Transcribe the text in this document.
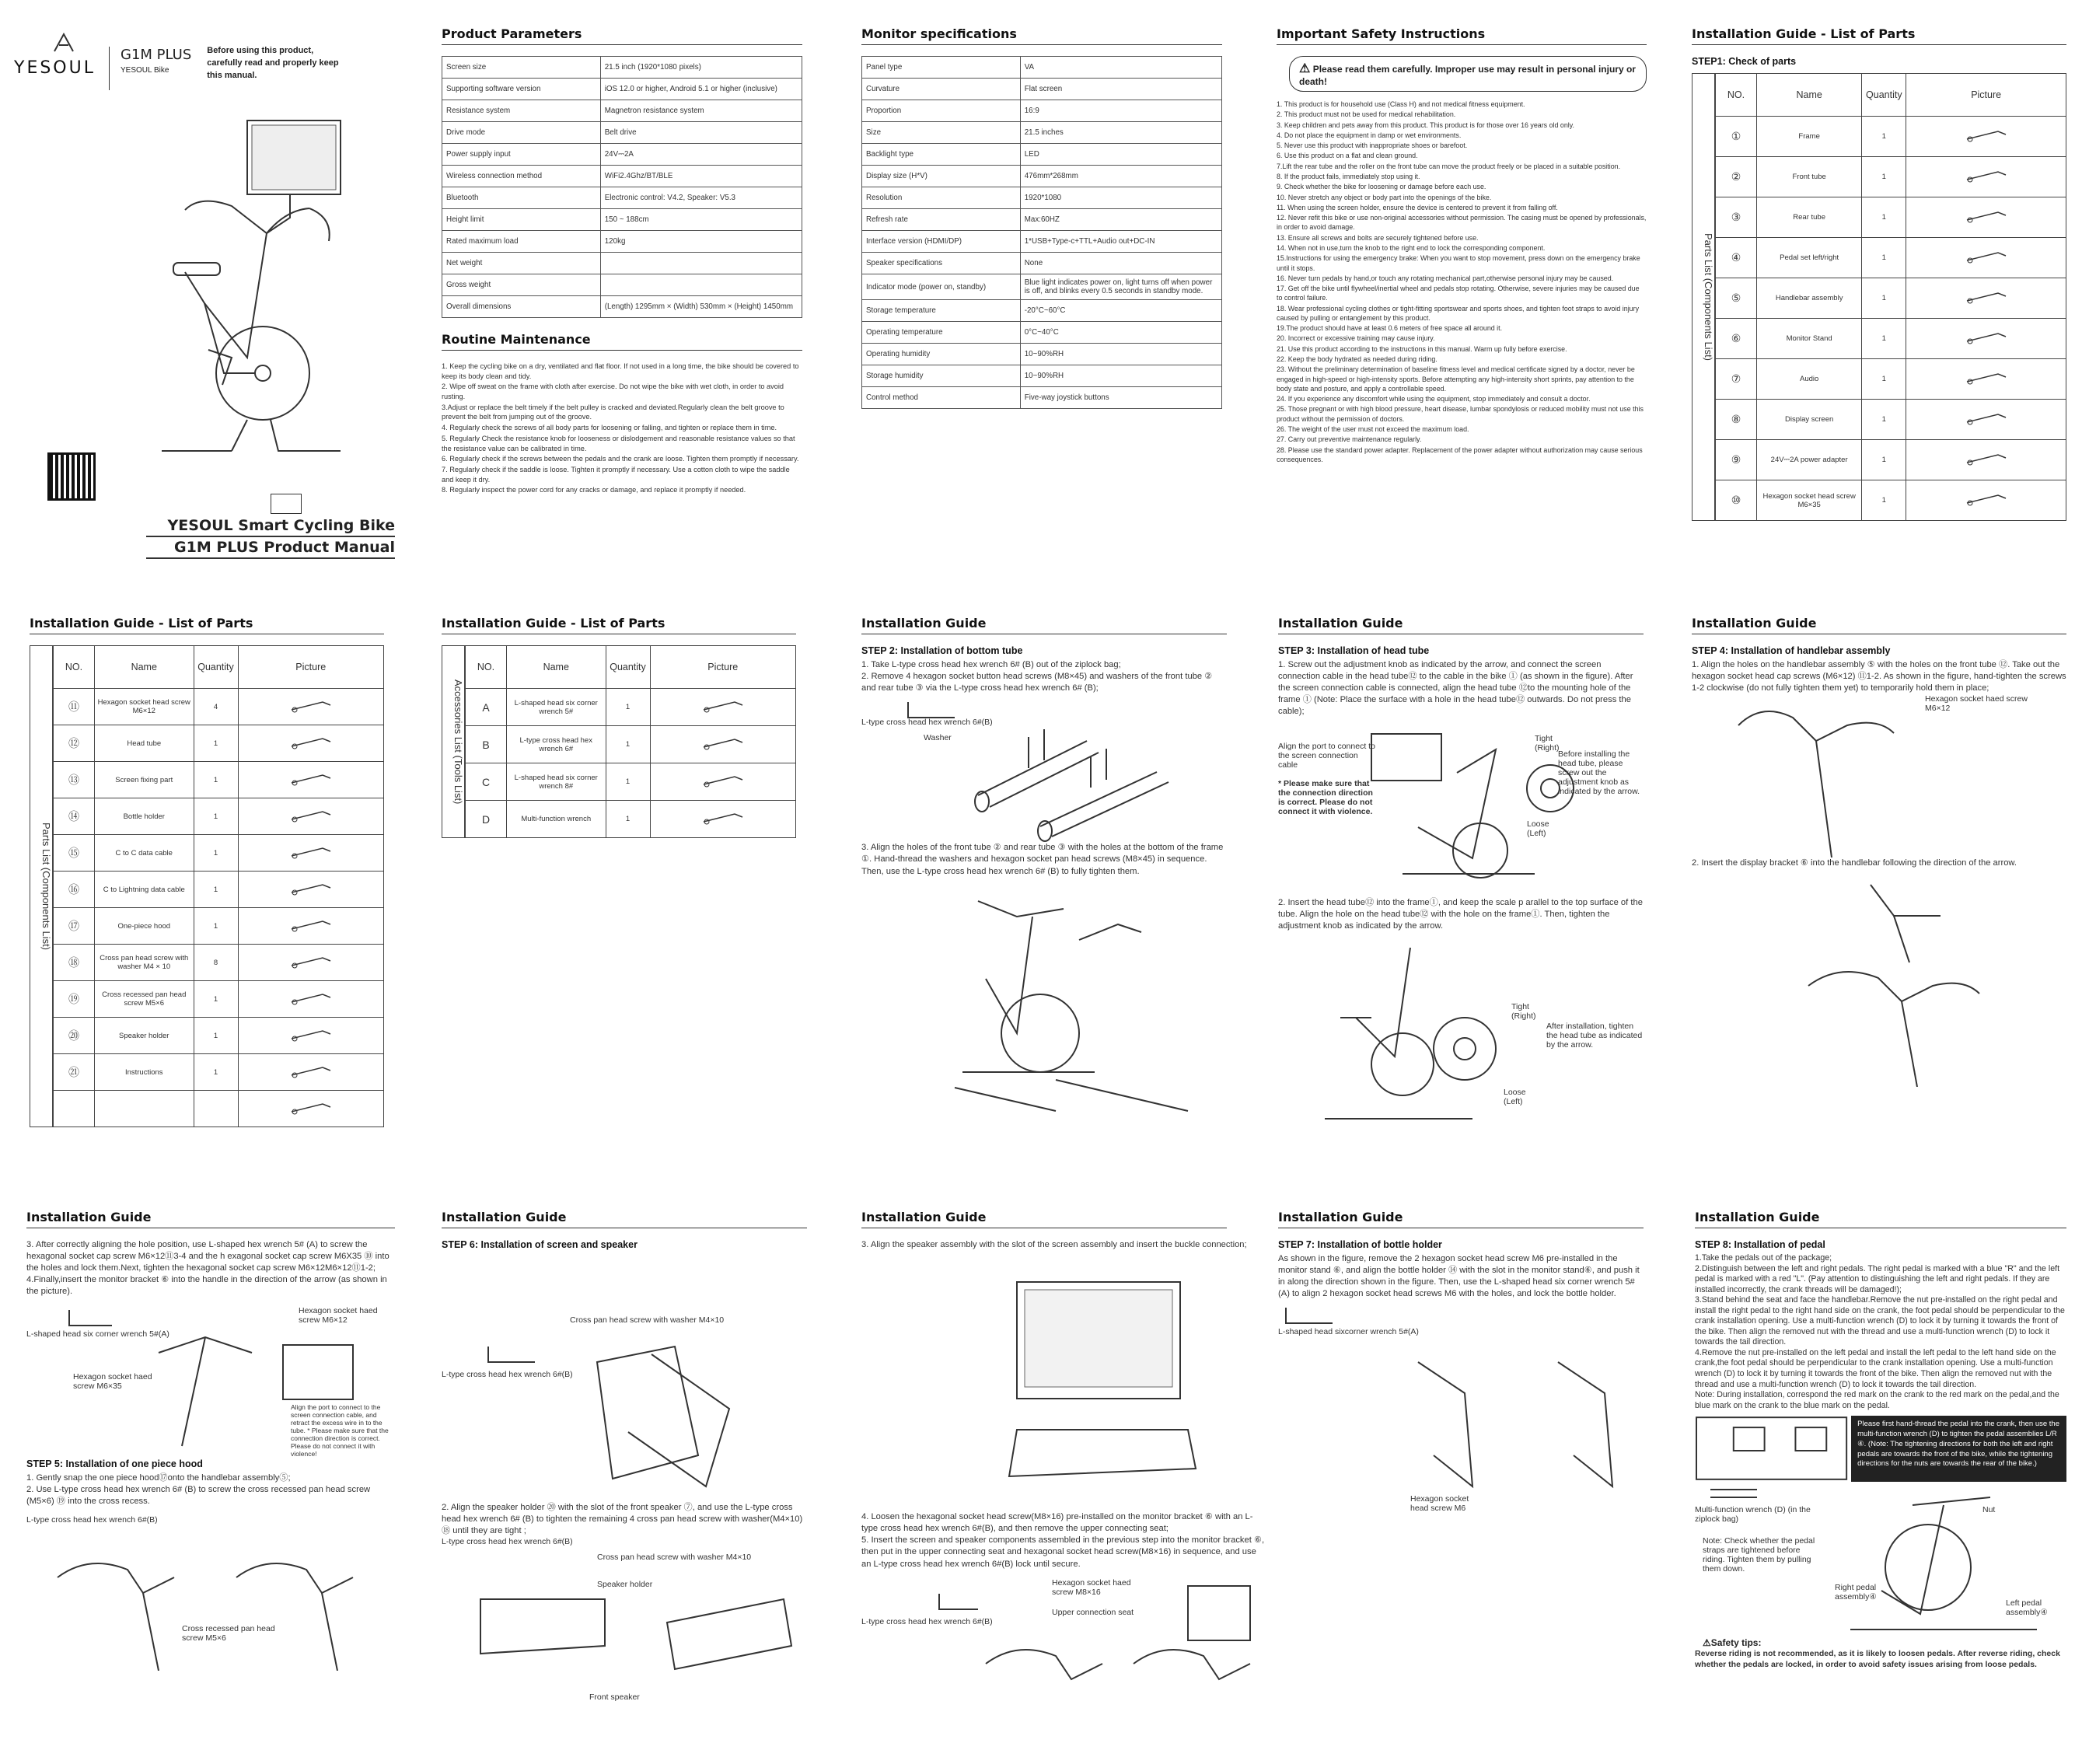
YESOUL
G1M PLUS
YESOUL Bike
Before using this product, carefully read and properly keep this manual.
YESOUL Smart Cycling Bike
G1M PLUS Product Manual
Product Parameters
Screen size	21.5 inch (1920*1080 pixels)
Supporting software version	iOS 12.0 or higher, Android 5.1 or higher (inclusive)
Resistance system	Magnetron resistance system
Drive mode	Belt drive
Power supply input	24V⎓2A
Wireless connection method	WiFi2.4Ghz/BT/BLE
Bluetooth	Electronic control: V4.2, Speaker: V5.3
Height limit	150 ~ 188cm
Rated maximum load	120kg
Net weight	
Gross weight	
Overall dimensions	(Length) 1295mm × (Width) 530mm × (Height) 1450mm
Routine Maintenance

1. Keep the cycling bike on a dry, ventilated and flat floor. If not used in a long time, the bike should be covered to keep its body clean and tidy.

2. Wipe off sweat on the frame with cloth after exercise. Do not wipe the bike with wet cloth, in order to avoid rusting.

3.Adjust or replace the belt timely if the belt pulley is cracked and deviated.Regularly clean the belt groove to prevent the belt from jumping out of the groove.

4. Regularly check the screws of all body parts for loosening or falling, and tighten or replace them in time.

5. Regularly Check the resistance knob for looseness or dislodgement and reasonable resistance values so that the resistance value can be calibrated in time.

6. Regularly check if the screws between the pedals and the crank are loose. Tighten them promptly if necessary.

7. Regularly check if the saddle is loose. Tighten it promptly if necessary. Use a cotton cloth to wipe the saddle and keep it dry.

8. Regularly inspect the power cord for any cracks or damage, and replace it promptly if needed.

Monitor specifications
Panel type	VA
Curvature	Flat screen
Proportion	16:9
Size	21.5 inches
Backlight type	LED
Display size (H*V)	476mm*268mm
Resolution	1920*1080
Refresh rate	Max:60HZ
Interface version (HDMI/DP)	1*USB+Type-c+TTL+Audio out+DC-IN
Speaker specifications	None
Indicator mode (power on, standby)	Blue light indicates power on, light turns off when power is off, and blinks every 0.5 seconds in standby mode.
Storage temperature	-20°C~60°C
Operating temperature	0°C~40°C
Operating humidity	10~90%RH
Storage humidity	10~90%RH
Control method	Five-way joystick buttons
Important Safety Instructions
⚠ Please read them carefully. Improper use may result in personal injury or death!

1. This product is for household use (Class H) and not medical fitness equipment.

2. This product must not be used for medical rehabilitation.

3. Keep children and pets away from this product. This product is for those over 16 years old only.

4. Do not place the equipment in damp or wet environments.

5. Never use this product with inappropriate shoes or barefoot.

6. Use this product on a flat and clean ground.

7.Lift the rear tube and the roller on the front tube can move the product freely or be placed in a suitable position.

8. If the product fails, immediately stop using it.

9. Check whether the bike for loosening or damage before each use.

10. Never stretch any object or body part into the openings of the bike.

11. When using the screen holder, ensure the device is centered to prevent it from falling off.

12. Never refit this bike or use non-original accessories without permission. The casing must be opened by professionals, in order to avoid damage.

13. Ensure all screws and bolts are securely tightened before use.

14. When not in use,turn the knob to the right end to lock the corresponding component.

15.Instructions for using the emergency brake: When you want to stop movement, press down on the emergency brake until it stops.

16. Never turn pedals by hand,or touch any rotating mechanical part,otherwise personal injury may be caused.

17. Get off the bike until flywheel/inertial wheel and pedals stop rotating. Otherwise, severe injuries may be caused due to control failure.

18. Wear professional cycling clothes or tight-fitting sportswear and sports shoes, and tighten foot straps to avoid injury caused by pulling or entanglement by this product.

19.The product should have at least 0.6 meters of free space all around it.

20. Incorrect or excessive training may cause injury.

21. Use this product according to the instructions in this manual. Warm up fully before exercise.

22. Keep the body hydrated as needed during riding.

23. Without the preliminary determination of baseline fitness level and medical certificate signed by a doctor, never be engaged in high-speed or high-intensity sports. Before attempting any high-intensity short sprints, pay attention to the body state and posture, and apply a controllable speed.

24. If you experience any discomfort while using the equipment, stop immediately and consult a doctor.

25. Those pregnant or with high blood pressure, heart disease, lumbar spondylosis or reduced mobility must not use this product without the permission of doctors.

26. The weight of the user must not exceed the maximum load.

27. Carry out preventive maintenance regularly.

28. Please use the standard power adapter. Replacement of the power adapter without authorization may cause serious consequences.

Installation Guide - List of Parts
STEP1: Check of parts
Parts List (Components List)
NO.	Name	Quantity	Picture
①	Frame	1	
②	Front tube	1	
③	Rear tube	1	
④	Pedal set left/right	1	
⑤	Handlebar assembly	1	
⑥	Monitor Stand	1	
⑦	Audio	1	
⑧	Display screen	1	
⑨	24V⎓2A power adapter	1	
⑩	Hexagon socket head screw M6×35	1	
Installation Guide - List of Parts
Parts List (Components List)
NO.	Name	Quantity	Picture
⑪	Hexagon socket head screw M6×12	4	
⑫	Head tube	1	
⑬	Screen fixing part	1	
⑭	Bottle holder	1	
⑮	C to C data cable	1	
⑯	C to Lightning data cable	1	
⑰	One-piece hood	1	
⑱	Cross pan head screw with washer M4 × 10	8	
⑲	Cross recessed pan head screw M5×6	1	
⑳	Speaker holder	1	
㉑	Instructions	1	

Installation Guide - List of Parts
Accessories List (Tools List)
NO.	Name	Quantity	Picture
A	L-shaped head six corner wrench 5#	1	
B	L-type cross head hex wrench 6#	1	
C	L-shaped head six corner wrench 8#	1	
D	Multi-function wrench	1	
Installation Guide
STEP 2: Installation of bottom tube
1. Take L-type cross head hex wrench 6# (B) out of the ziplock bag;
2. Remove 4 hexagon socket button head screws (M8×45) and washers of the front tube ② and rear tube ③ via the L-type cross head hex wrench 6# (B);
L-type cross head hex wrench 6#(B)
Washer
3. Align the holes of the front tube ② and rear tube ③ with the holes at the bottom of the frame ①. Hand-thread the washers and hexagon socket pan head screws (M8×45) in sequence. Then, use the L-type cross head hex wrench 6# (B) to fully tighten them.
Installation Guide
STEP 3: Installation of head tube
1. Screw out the adjustment knob as indicated by the arrow, and connect the screen connection cable in the head tube⑫ to the cable in the bike ① (as shown in the figure). After the screen connection cable is connected, align the head tube ⑫to the mounting hole of the frame ① (Note: Place the surface with a hole in the head tube⑫ outwards. Do not press the cable);
Align the port to connect to the screen connection cable
* Please make sure that the connection direction is correct. Please do not connect it with violence.
Tight (Right)
Loose (Left)
Before installing the head tube, please screw out the adjustment knob as indicated by the arrow.
2. Insert the head tube⑫ into the frame①, and keep the scale p arallel to the top surface of the tube. Align the hole on the head tube⑫ with the hole on the frame①. Then, tighten the adjustment knob as indicated by the arrow.
Tight (Right)
Loose (Left)
After installation, tighten the head tube as indicated by the arrow.
Installation Guide
STEP 4: Installation of handlebar assembly
1. Align the holes on the handlebar assembly ⑤ with the holes on the front tube ⑫. Take out the hexagon socket head cap screws (M6×12) ⑪1-2. As shown in the figure, hand-tighten the screws 1-2 clockwise (do not fully tighten them yet) to temporarily hold them in place;
Hexagon socket haed screw M6×12
2. Insert the display bracket ⑥ into the handlebar following the direction of the arrow.
Installation Guide
3. After correctly aligning the hole position, use L-shaped hex wrench 5# (A) to screw the hexagonal socket cap screw M6×12⑪3-4 and the h exagonal socket cap screw M6X35 ⑩ into the holes and lock them.Next, tighten the hexagonal socket cap screw M6×12M6×12⑪1-2;
4.Finally,insert the monitor bracket ⑥ into the handle in the direction of the arrow (as shown in the picture).
L-shaped head six corner wrench 5#(A)
Hexagon socket haed screw M6×12
Hexagon socket haed screw M6×35
Align the port to connect to the screen connection cable, and retract the excess wire in to the tube. * Please make sure that the connection direction is correct. Please do not connect it with violence!
STEP 5: Installation of one piece hood
1. Gently snap the one piece hood⑰onto the handlebar assembly⑤;
2. Use L-type cross head hex wrench 6# (B) to screw the cross recessed pan head screw (M5×6) ⑲ into the cross recess.
L-type cross head hex wrench 6#(B)
Cross recessed pan head screw M5×6
Installation Guide
STEP 6: Installation of screen and speaker
Cross pan head screw with washer M4×10
L-type cross head hex wrench 6#(B)
2. Align the speaker holder ⑳ with the slot of the front speaker ⑦, and use the L-type cross head hex wrench 6# (B) to tighten the remaining 4 cross pan head screw with washer(M4×10) ⑱ until they are tight ;
L-type cross head hex wrench 6#(B)
Cross pan head screw with washer M4×10
Speaker holder
Front speaker
Installation Guide
3. Align the speaker assembly with the slot of the screen assembly and insert the buckle connection;
4. Loosen the hexagonal socket head screw(M8×16) pre-installed on the monitor bracket ⑥ with an L-type cross head hex wrench 6#(B), and then remove the upper connecting seat;
5. Insert the screen and speaker components assembled in the previous step into the monitor bracket ⑥, then put in the upper connecting seat and hexagonal socket head screw(M8×16) in sequence, and use an L-type cross head hex wrench 6#(B) lock until secure.
L-type cross head hex wrench 6#(B)
Hexagon socket haed screw M8×16
Upper connection seat
Installation Guide
STEP 7: Installation of bottle holder
As shown in the figure, remove the 2 hexagon socket head screw M6 pre-installed in the monitor stand ⑥, and align the bottle holder ⑭ with the slot in the monitor stand⑥, and push it in along the direction shown in the figure. Then, use the L-shaped head six corner wrench 5# (A) to align 2 hexagon socket head screws M6 with the holes, and lock the bottle holder.
L-shaped head sixcorner wrench 5#(A)
Hexagon socket head screw M6
Installation Guide
STEP 8: Installation of pedal
1.Take the pedals out of the package;
2.Distinguish between the left and right pedals. The right pedal is marked with a blue "R" and the left pedal is marked with a red "L". (Pay attention to distinguishing the left and right pedals. If they are installed incorrectly, the crank threads will be damaged!);
3.Stand behind the seat and face the handlebar.Remove the nut pre-installed on the right pedal and install the right pedal to the right hand side on the crank, the foot pedal should be perpendicular to the crank installation opening. Use a multi-function wrench (D) to lock it by turning it towards the front of the bike. Then align the removed nut with the thread and use a multi-function wrench (D) to lock it towards the tail direction.
4.Remove the nut pre-installed on the left pedal and install the left pedal to the left hand side on the crank,the foot pedal should be perpendicular to the crank installation opening. Use a multi-function wrench (D) to lock it by turning it towards the front of the bike. Then align the removed nut with the thread and use a multi-function wrench (D) to lock it towards the tail direction.
Note: During installation, correspond the red mark on the crank to the red mark on the pedal,and the blue mark on the crank to the blue mark on the pedal.
Please first hand-thread the pedal into the crank, then use the multi-function wrench (D) to tighten the pedal assemblies L/R ④. (Note: The tightening directions for both the left and right pedals are towards the front of the bike, while the tightening directions for the nuts are towards the rear of the bike.)
Multi-function wrench (D) (in the ziplock bag)
Note: Check whether the pedal straps are tightened before riding. Tighten them by pulling them down.
Nut
Right pedal assembly④
Left pedal assembly④
⚠Safety tips:
Reverse riding is not recommended, as it is likely to loosen pedals. After reverse riding, check whether the pedals are locked, in order to avoid safety issues arising from loose pedals.
